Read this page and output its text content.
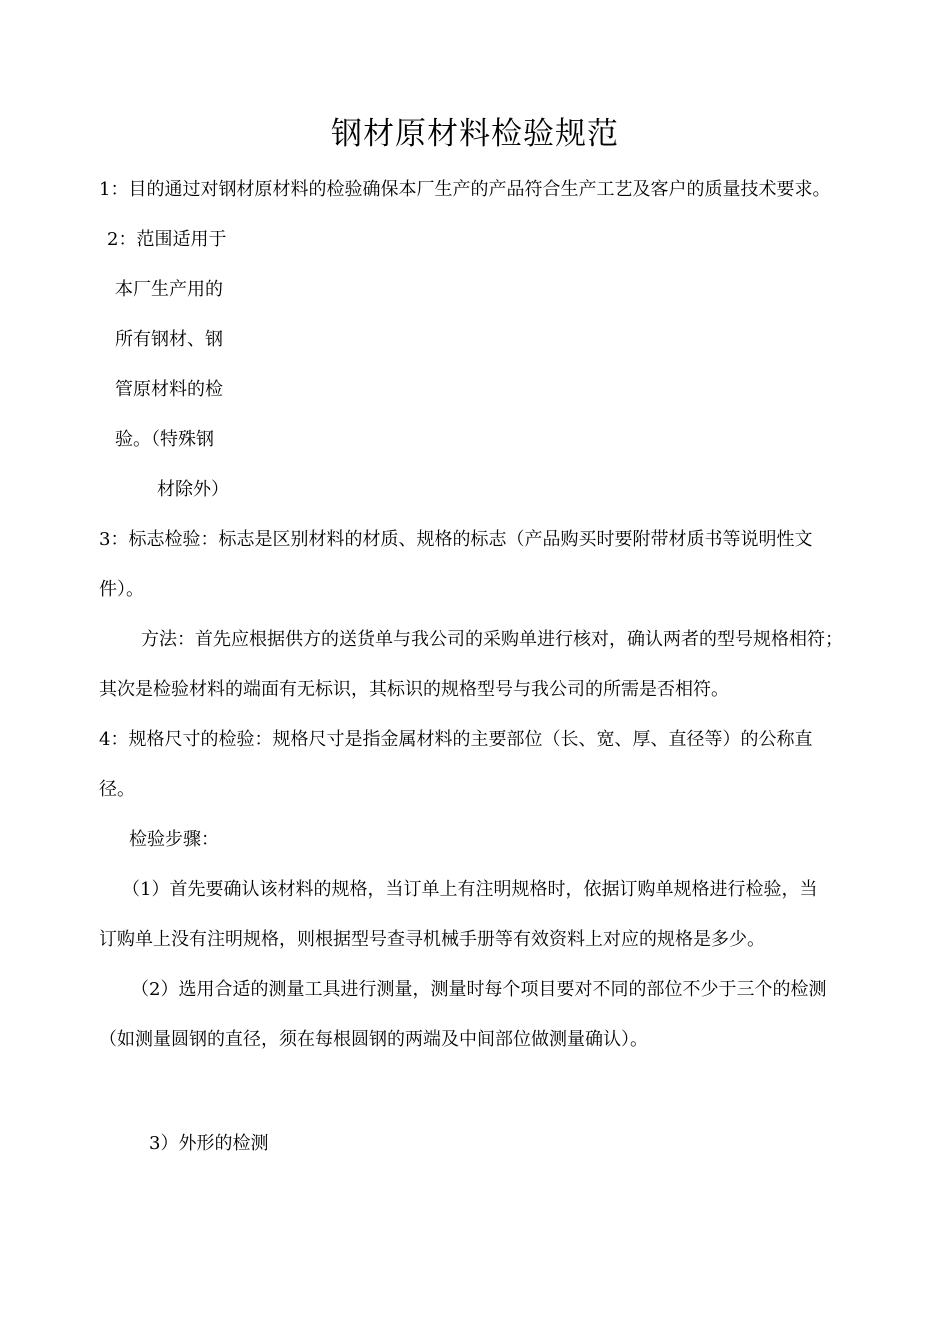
钢材原材料检验规范
1：目的通过对钢材原材料的检验确保本厂生产的产品符合生产工艺及客户的质量技术要求。
2：范围适用于
本厂生产用的
所有钢材、钢
管原材料的检
验。（特殊钢
材除外）
3：标志检验：标志是区别材料的材质、规格的标志（产品购买时要附带材质书等说明性文
件）。
方法：首先应根据供方的送货单与我公司的采购单进行核对，确认两者的型号规格相符；
其次是检验材料的端面有无标识，其标识的规格型号与我公司的所需是否相符。
4：规格尺寸的检验：规格尺寸是指金属材料的主要部位（长、宽、厚、直径等）的公称直
径。
检验步骤：
（1）首先要确认该材料的规格，当订单上有注明规格时，依据订购单规格进行检验，当
订购单上没有注明规格，则根据型号查寻机械手册等有效资料上对应的规格是多少。
（2）选用合适的测量工具进行测量，测量时每个项目要对不同的部位不少于三个的检测
（如测量圆钢的直径，须在每根圆钢的两端及中间部位做测量确认）。
3）外形的检测
